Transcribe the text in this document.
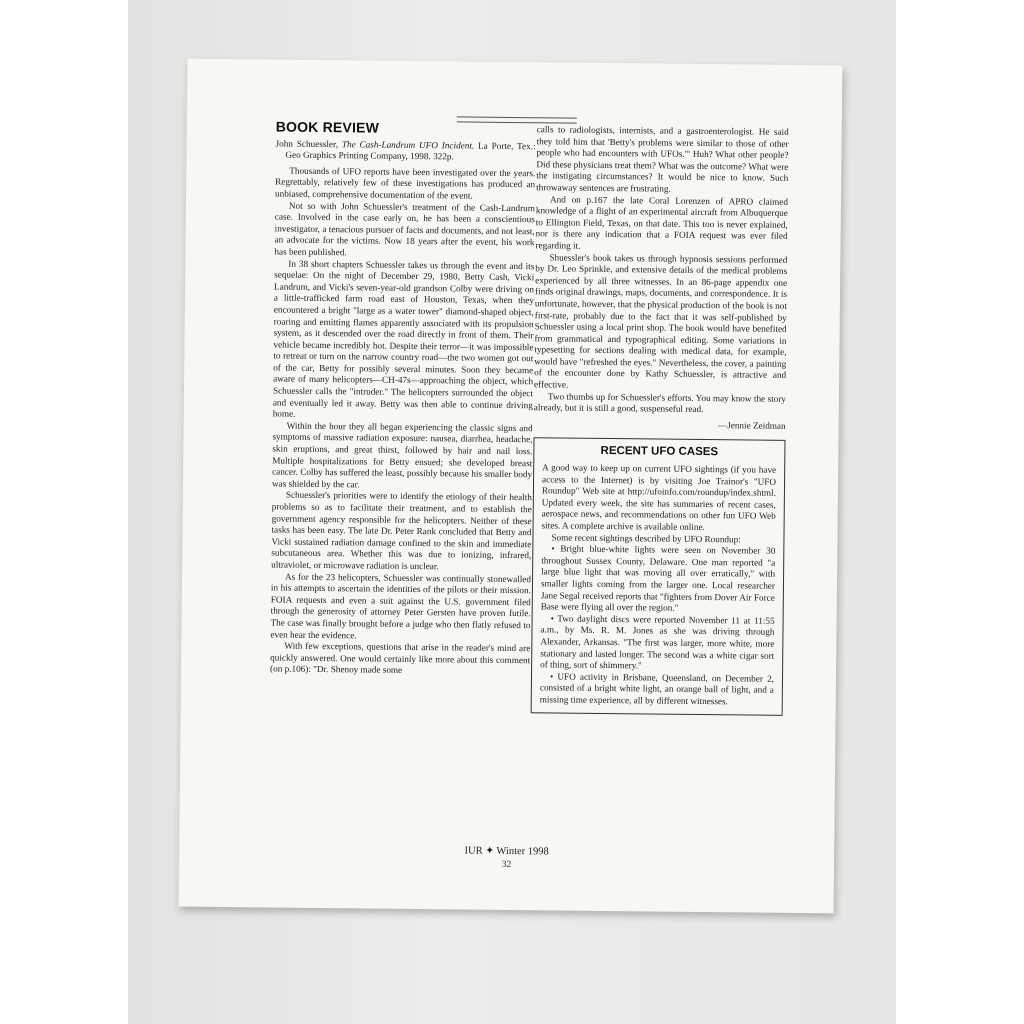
BOOK REVIEW

John Schuessler, The Cash-Landrum UFO Incident. La Porte, Tex.: Geo Graphics Printing Company, 1998. 322p.

Thousands of UFO reports have been investigated over the years. Regrettably, relatively few of these investigations has produced an unbiased, comprehensive documentation of the event.

Not so with John Schuessler's treatment of the Cash-Landrum case. Involved in the case early on, he has been a conscientious investigator, a tenacious pursuer of facts and documents, and not least, an advocate for the victims. Now 18 years after the event, his work has been published.

In 38 short chapters Schuessler takes us through the event and its sequelae: On the night of December 29, 1980, Betty Cash, Vicki Landrum, and Vicki's seven-year-old grandson Colby were driving on a little-trafficked farm road east of Houston, Texas, when they encountered a bright "large as a water tower" diamond-shaped object, roaring and emitting flames apparently associated with its propulsion system, as it descended over the road directly in front of them. Their vehicle became incredibly hot. Despite their terror—it was impossible to retreat or turn on the narrow country road—the two women got out of the car, Betty for possibly several minutes. Soon they became aware of many helicopters—CH-47s—approaching the object, which Schuessler calls the "intruder." The helicopters surrounded the object and eventually led it away. Betty was then able to continue driving home.

Within the hour they all began experiencing the classic signs and symptoms of massive radiation exposure: nausea, diarrhea, headache, skin eruptions, and great thirst, followed by hair and nail loss. Multiple hospitalizations for Betty ensued; she developed breast cancer. Colby has suffered the least, possibly because his smaller body was shielded by the car.

Schuessler's priorities were to identify the etiology of their health problems so as to facilitate their treatment, and to establish the government agency responsible for the helicopters. Neither of these tasks has been easy. The late Dr. Peter Rank concluded that Betty and Vicki sustained radiation damage confined to the skin and immediate subcutaneous area. Whether this was due to ionizing, infrared, ultraviolet, or microwave radiation is unclear.

As for the 23 helicopters, Schuessler was continually stonewalled in his attempts to ascertain the identities of the pilots or their mission. FOIA requests and even a suit against the U.S. government filed through the generosity of attorney Peter Gersten have proven futile. The case was finally brought before a judge who then flatly refused to even hear the evidence.

With few exceptions, questions that arise in the reader's mind are quickly answered. One would certainly like more about this comment (on p.106): "Dr. Shenoy made some

calls to radiologists, internists, and a gastroenterologist. He said they told him that 'Betty's problems were similar to those of other people who had encounters with UFOs.'" Huh? What other people? Did these physicians treat them? What was the outcome? What were the instigating circumstances? It would be nice to know. Such throwaway sentences are frustrating.

And on p.167 the late Coral Lorenzen of APRO claimed knowledge of a flight of an experimental aircraft from Albuquerque to Ellington Field, Texas, on that date. This too is never explained, nor is there any indication that a FOIA request was ever filed regarding it.

Shuessler's book takes us through hypnosis sessions performed by Dr. Leo Sprinkle, and extensive details of the medical problems experienced by all three witnesses. In an 86-page appendix one finds original drawings, maps, documents, and correspondence. It is unfortunate, however, that the physical production of the book is not first-rate, probably due to the fact that it was self-published by Schuessler using a local print shop. The book would have benefited from grammatical and typographical editing. Some variations in typesetting for sections dealing with medical data, for example, would have "refreshed the eyes." Nevertheless, the cover, a painting of the encounter done by Kathy Schuessler, is attractive and effective.

Two thumbs up for Schuessler's efforts. You may know the story already, but it is still a good, suspenseful read.

—Jennie Zeidman

RECENT UFO CASES

A good way to keep up on current UFO sightings (if you have access to the Internet) is by visiting Joe Trainor's "UFO Roundup" Web site at http://ufoinfo.com/roundup/index.shtml. Updated every week, the site has summaries of recent cases, aerospace news, and recommendations on other fun UFO Web sites. A complete archive is available online.

Some recent sightings described by UFO Roundup:

• Bright blue-white lights were seen on November 30 throughout Sussex County, Delaware. One man reported "a large blue light that was moving all over erratically," with smaller lights coming from the larger one. Local researcher Jane Segal received reports that "fighters from Dover Air Force Base were flying all over the region."

• Two daylight discs were reported November 11 at 11:55 a.m., by Ms. R. M. Jones as she was driving through Alexander, Arkansas. "The first was larger, more white, more stationary and lasted longer. The second was a white cigar sort of thing, sort of shimmery."

• UFO activity in Brisbane, Queensland, on December 2, consisted of a bright white light, an orange ball of light, and a missing time experience, all by different witnesses.

IUR ✦ Winter 1998
32
